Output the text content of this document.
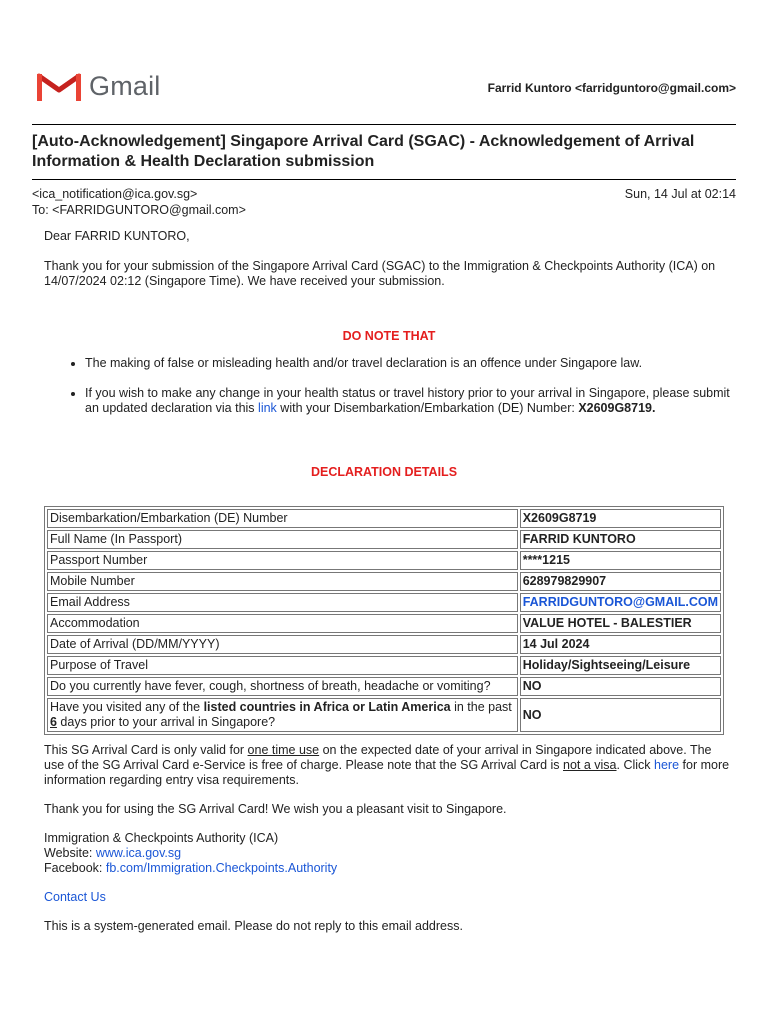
Gmail	Farrid Kuntoro <farridguntoro@gmail.com>
[Auto-Acknowledgement] Singapore Arrival Card (SGAC) - Acknowledgement of Arrival Information & Health Declaration submission
<ica_notification@ica.gov.sg>
To: <FARRIDGUNTORO@gmail.com>
Sun, 14 Jul at 02:14

Dear FARRID KUNTORO,

Thank you for your submission of the Singapore Arrival Card (SGAC) to the Immigration & Checkpoints Authority (ICA) on 14/07/2024 02:12 (Singapore Time). We have received your submission.

DO NOTE THAT

• The making of false or misleading health and/or travel declaration is an offence under Singapore law.
• If you wish to make any change in your health status or travel history prior to your arrival in Singapore, please submit an updated declaration via this link with your Disembarkation/Embarkation (DE) Number: X2609G8719.
DECLARATION DETAILS
Disembarkation/Embarkation (DE) Number	X2609G8719
Full Name (In Passport)	FARRID KUNTORO
Passport Number	****1215
Mobile Number	628979829907
Email Address	FARRIDGUNTORO@GMAIL.COM
Accommodation	VALUE HOTEL - BALESTIER
Date of Arrival (DD/MM/YYYY)	14 Jul 2024
Purpose of Travel	Holiday/Sightseeing/Leisure
Do you currently have fever, cough, shortness of breath, headache or vomiting?	NO
Have you visited any of the listed countries in Africa or Latin America in the past 6 days prior to your arrival in Singapore?	NO

This SG Arrival Card is only valid for one time use on the expected date of your arrival in Singapore indicated above. The use of the SG Arrival Card e-Service is free of charge. Please note that the SG Arrival Card is not a visa. Click here for more information regarding entry visa requirements.

Thank you for using the SG Arrival Card! We wish you a pleasant visit to Singapore.

Immigration & Checkpoints Authority (ICA)

Website: www.ica.gov.sg

Facebook: fb.com/Immigration.Checkpoints.Authority

Contact Us

This is a system-generated email. Please do not reply to this email address.
